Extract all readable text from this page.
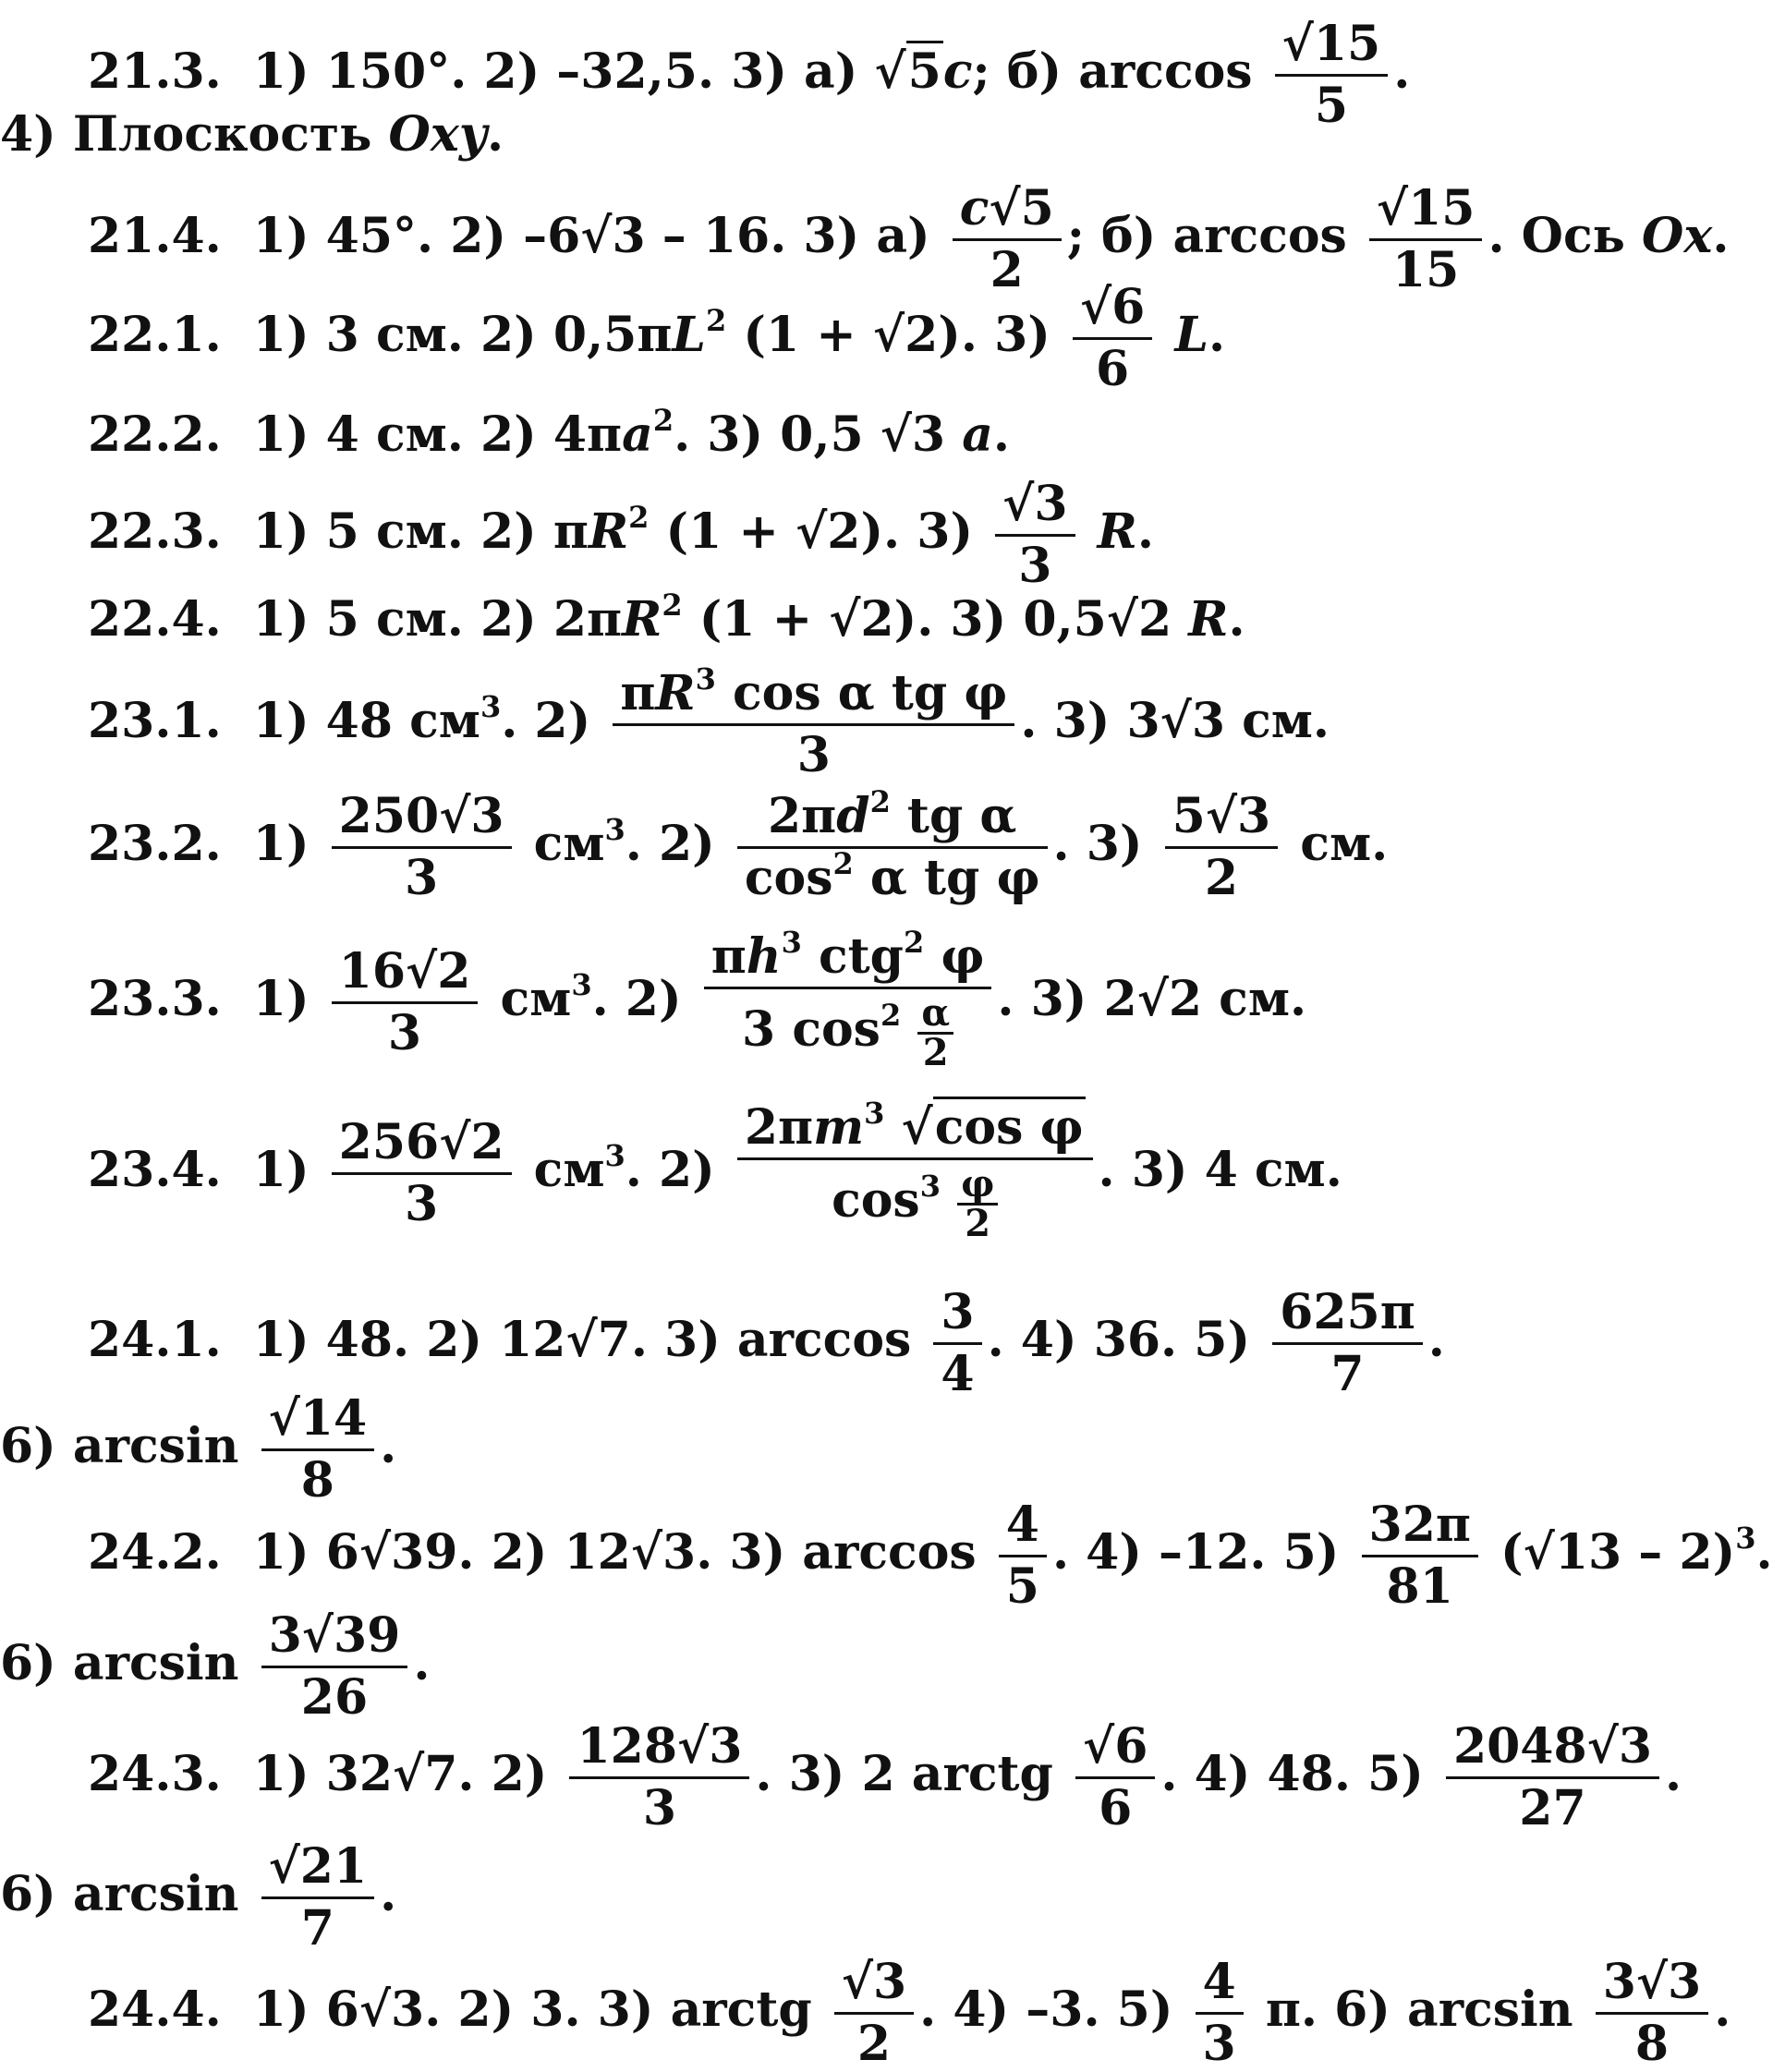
21.3. 1) 150°. 2) –32,5. 3) а) √5c; б) $\arccos \frac{√15}{5}$ .
4) Плоскость Oxy.
21.4. 1) 45°. 2) –6√3 – 16. 3) $а) \frac{c√5}{2}$ ; б) $\arccos \frac{√15}{15}$ . Ось Ox.
22.1. 1) 3 см. 2) $0,5\pi L^2$ (1 + √2). $3) \frac{√6}{6} L$.
22.2. 1) 4 см. 2) $4\pi a^2$. 3) 0,5 √3 a.
22.3. 1) 5 см. 2) $\pi R^2$ (1 + √2). $3) \frac{√3}{3} R$.
22.4. 1) 5 см. 2) $2\pi R^2$ (1 + √2). 3) 0,5√2 R.
23.1. 1) 48 $см^3$. $2) \frac{\pi R^3 \cos \alpha tg \varphi}{3}$ . 3) 3√3 см.
23.2. $1) \frac{250√3}{3} см^3$. $2) \frac{2\pi d^2 tg \alpha}{\cos^2 \alpha tg \varphi}$ . $3) \frac{5√3}{2}$ см.
23.3. $1) \frac{16√2}{3} см^3$. $2) \frac{\pi h^3 ctg^2 \varphi}{3 \cos^2 \frac{\alpha}{2}}$ . 3) 2√2 см.
23.4. $1) \frac{256√2}{3} см^3$. $2) \frac{2\pi m^3 √\cos \varphi}{\cos^3 \frac{\varphi}{2}}$ . 3) 4 см.
24.1. 1) 48. 2) 12√7. 3) $\arccos \frac{3}{4}$ . 4) 36. $5) \frac{625\pi}{7}$ .
6) $\arcsin \frac{√14}{8}$ .
24.2. 1) 6√39. 2) 12√3. 3) $\arccos \frac{4}{5}$ . 4) –12. $5) \frac{32\pi}{81} (√13 - 2)^3$.
6) $\arcsin \frac{3√39}{26}$ .
24.3. 1) 32√7. $2) \frac{128√3}{3}$ . 3) 2 arctg $\frac{√6}{6}$ . 4) 48. $5) \frac{2048√3}{27}$ .
6) $\arcsin \frac{√21}{7}$ .
24.4. 1) 6√3. 2) 3. 3) arctg $\frac{√3}{2}$ . 4) –3. $5) \frac{4}{3} \pi$. 6) $\arcsin \frac{3√3}{8}$ .
